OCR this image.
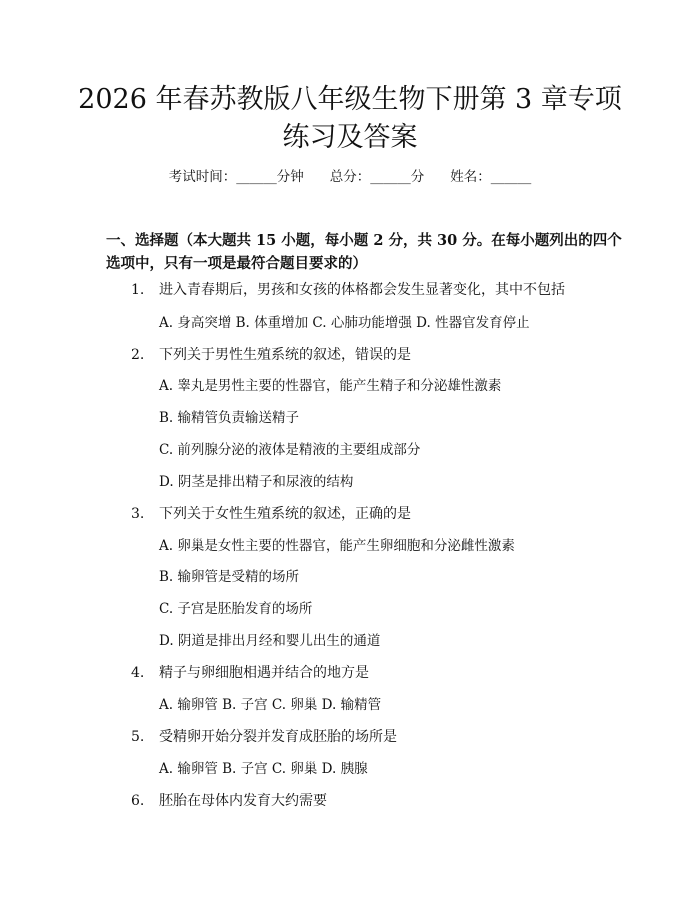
2026 年春苏教版八年级生物下册第 3 章专项
练习及答案
考试时间：______分钟 总分：______分 姓名：______
一、选择题（本大题共 15 小题，每小题 2 分，共 30 分。在每小题列出的四个选项中，只有一项是最符合题目要求的）
1. 进入青春期后，男孩和女孩的体格都会发生显著变化，其中不包括
A. 身高突增 B. 体重增加 C. 心肺功能增强 D. 性器官发育停止
2. 下列关于男性生殖系统的叙述，错误的是
A. 睾丸是男性主要的性器官，能产生精子和分泌雄性激素
B. 输精管负责输送精子
C. 前列腺分泌的液体是精液的主要组成部分
D. 阴茎是排出精子和尿液的结构
3. 下列关于女性生殖系统的叙述，正确的是
A. 卵巢是女性主要的性器官，能产生卵细胞和分泌雌性激素
B. 输卵管是受精的场所
C. 子宫是胚胎发育的场所
D. 阴道是排出月经和婴儿出生的通道
4. 精子与卵细胞相遇并结合的地方是
A. 输卵管 B. 子宫 C. 卵巢 D. 输精管
5. 受精卵开始分裂并发育成胚胎的场所是
A. 输卵管 B. 子宫 C. 卵巢 D. 胰腺
6. 胚胎在母体内发育大约需要
